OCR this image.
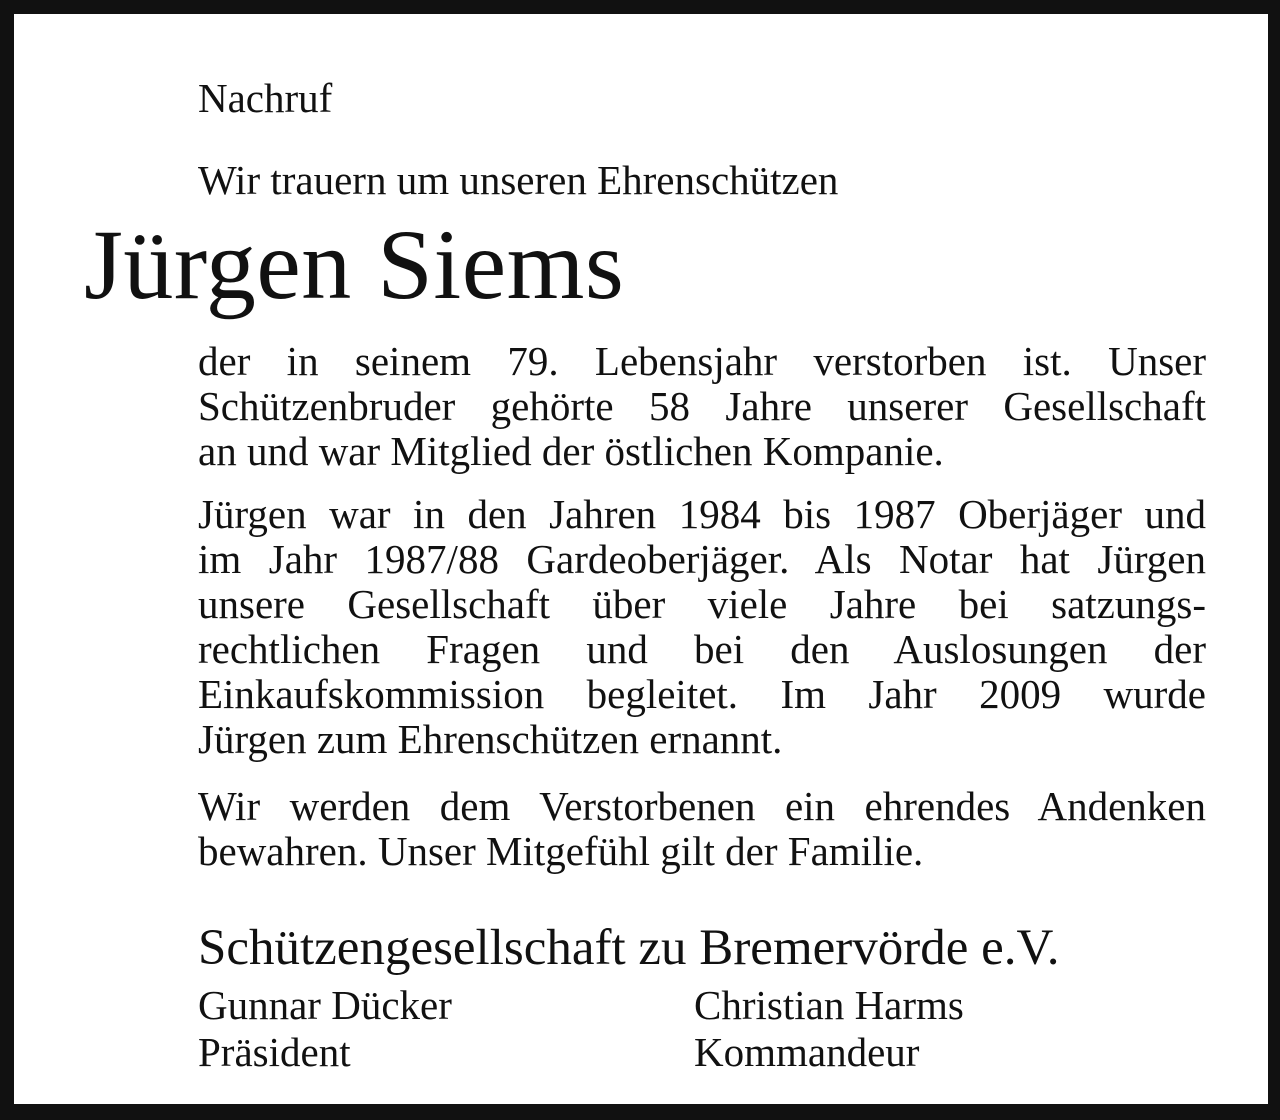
Nachruf
Wir trauern um unseren Ehrenschützen
Jürgen Siems

der in seinem 79. Lebensjahr verstorben ist. Unser
Schützenbruder gehörte 58 Jahre unserer Gesellschaft
an und war Mitglied der östlichen Kompanie.

Jürgen war in den Jahren 1984 bis 1987 Oberjäger und
im Jahr 1987/88 Gardeoberjäger. Als Notar hat Jürgen
unsere Gesellschaft über viele Jahre bei satzungs-
rechtlichen Fragen und bei den Auslosungen der
Einkaufskommission begleitet. Im Jahr 2009 wurde
Jürgen zum Ehrenschützen ernannt.

Wir werden dem Verstorbenen ein ehrendes Andenken
bewahren. Unser Mitgefühl gilt der Familie.

Schützengesellschaft zu Bremervörde e.V.
Gunnar Dücker
Präsident
Christian Harms
Kommandeur
